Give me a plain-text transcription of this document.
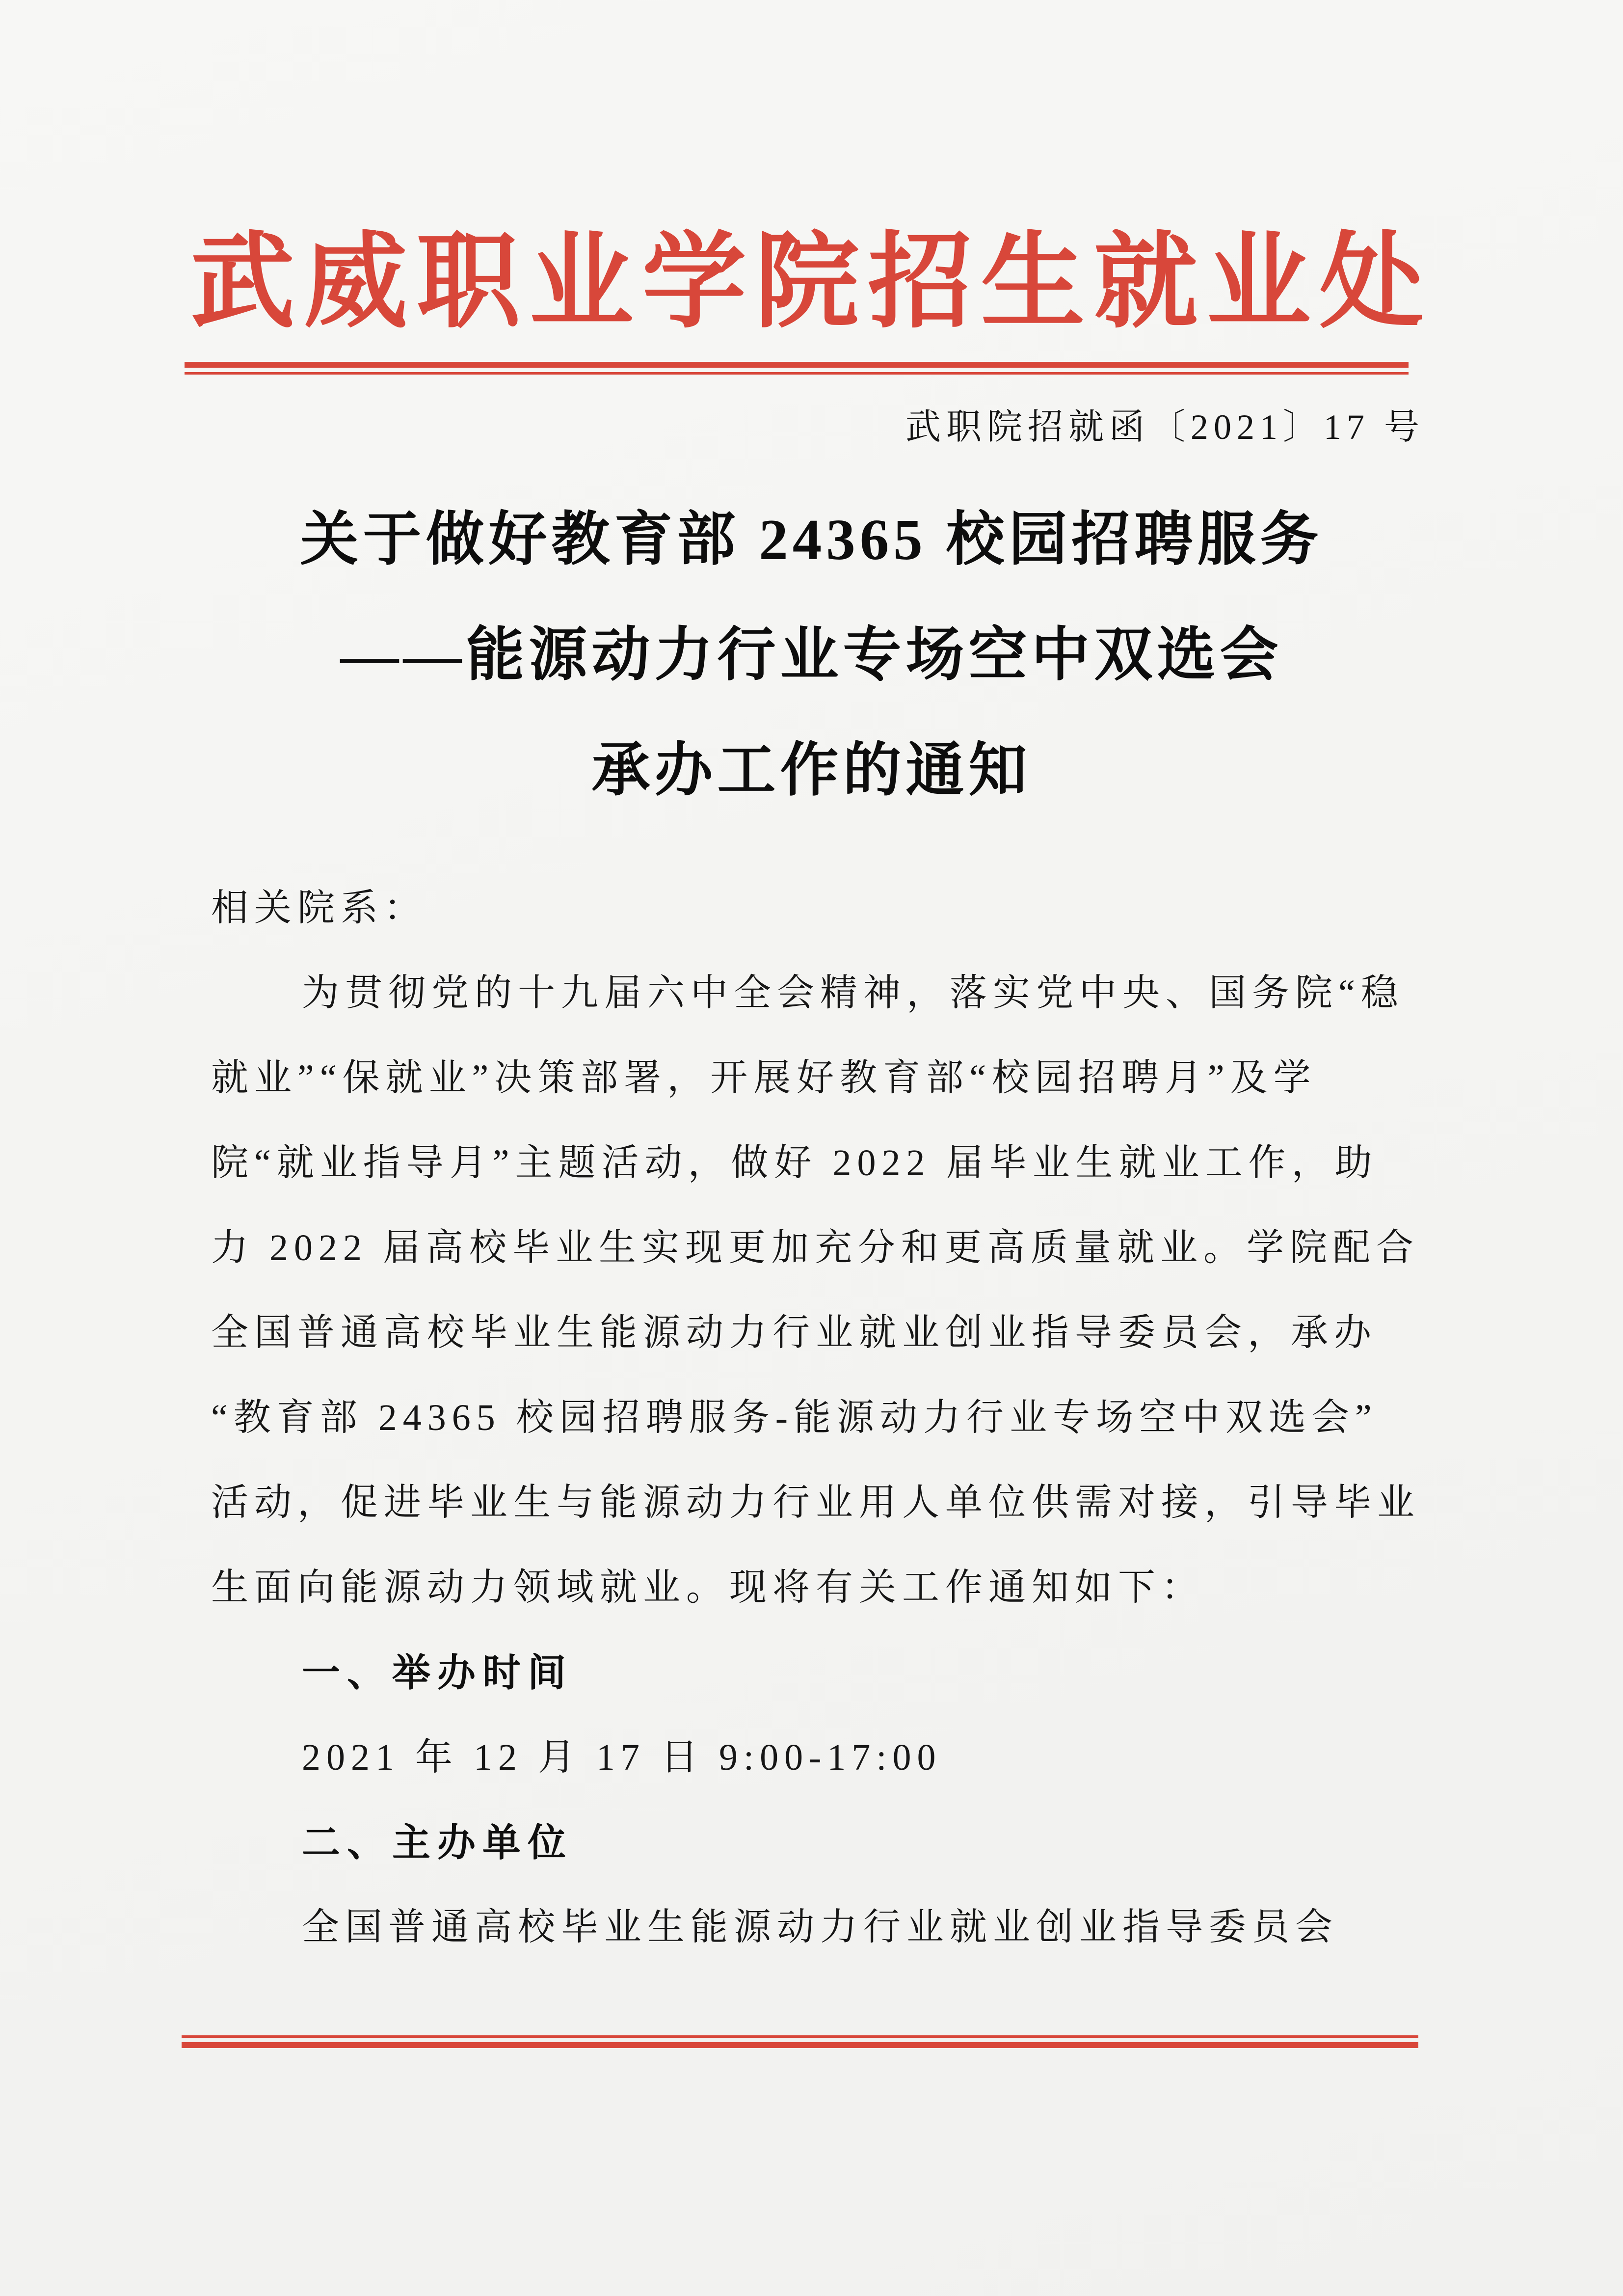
武威职业学院招生就业处
武职院招就函〔2021〕17 号
关于做好教育部 24365 校园招聘服务
——能源动力行业专场空中双选会
承办工作的通知
相关院系：
为贯彻党的十九届六中全会精神，落实党中央、国务院“稳
就业”“保就业”决策部署，开展好教育部“校园招聘月”及学
院“就业指导月”主题活动，做好 2022 届毕业生就业工作，助
力 2022 届高校毕业生实现更加充分和更高质量就业。学院配合
全国普通高校毕业生能源动力行业就业创业指导委员会，承办
“教育部 24365 校园招聘服务-能源动力行业专场空中双选会”
活动，促进毕业生与能源动力行业用人单位供需对接，引导毕业
生面向能源动力领域就业。现将有关工作通知如下：
一、举办时间
2021 年 12 月 17 日 9:00-17:00
二、主办单位
全国普通高校毕业生能源动力行业就业创业指导委员会
